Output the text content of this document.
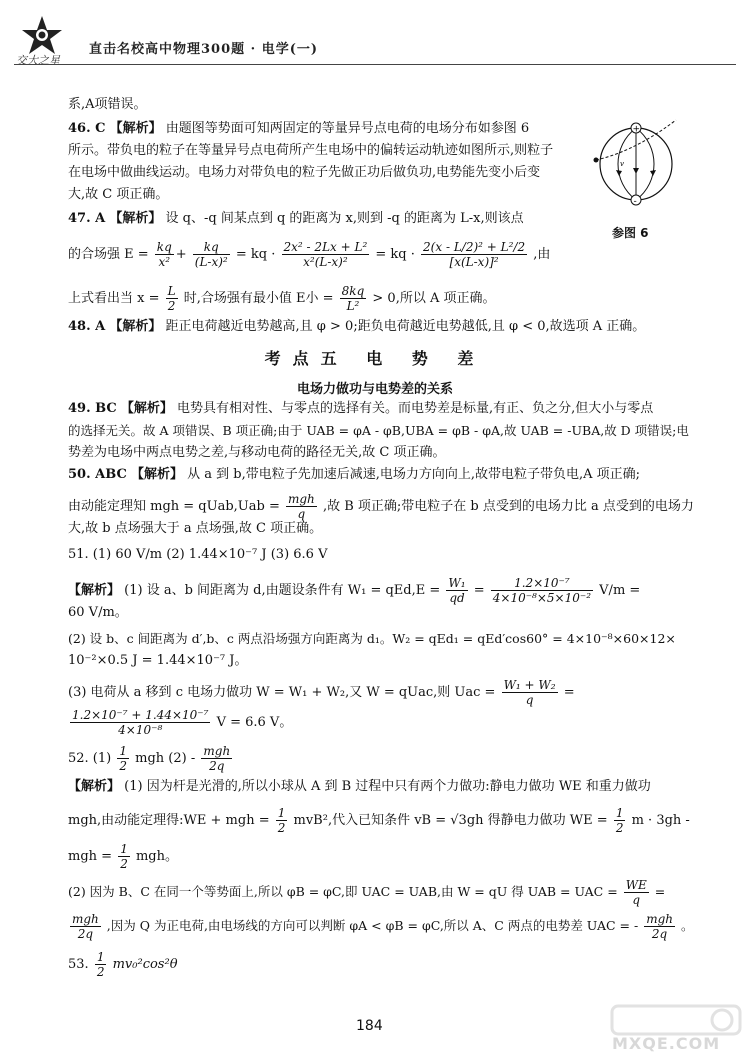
交大之星
直击名校高中物理300题 · 电学(一)
+
-
v
参图 6
系,A项错误。
46. C 【解析】 由题图等势面可知两固定的等量异号点电荷的电场分布如参图 6
所示。带负电的粒子在等量异号点电荷所产生电场中的偏转运动轨迹如图所示,则粒子
在电场中做曲线运动。电场力对带负电的粒子先做正功后做负功,电势能先变小后变
大,故 C 项正确。
47. A 【解析】 设 q、-q 间某点到 q 的距离为 x,则到 -q 的距离为 L-x,则该点
的合场强 $E = \frac{kq}{\text{x²}} + \frac{kq}{\text{(L-x)²}}$ = kq · $\frac{\text{2x² - 2Lx + L²}}{\text{x²(L-x)²}}$ = kq · $\frac{\text{2(x - L/2)² + L²/2}}{\text{[x(L-x)]²}}$ ,由
上式看出当 $x = \frac{L}{2}$ 时,合场强有最小值 E小 = $\frac{8kq}{\text{L²}} > 0$,所以 A 项正确。
48. A 【解析】 距正电荷越近电势越高,且 φ > 0;距负电荷越近电势越低,且 φ < 0,故选项 A 正确。
考点五 电 势 差
电场力做功与电势差的关系
49. BC 【解析】 电势具有相对性、与零点的选择有关。而电势差是标量,有正、负之分,但大小与零点
的选择无关。故 A 项错误、B 项正确;由于 UAB = φA - φB,UBA = φB - φA,故 UAB = -UBA,故 D 项错误;电
势差为电场中两点电势之差,与移动电荷的路径无关,故 C 项正确。
50. ABC 【解析】 从 a 到 b,带电粒子先加速后减速,电场力方向向上,故带电粒子带负电,A 项正确;
由动能定理知 mgh = qUab,Uab = $\frac{\text{mgh}}{q}$ ,故 B 项正确;带电粒子在 b 点受到的电场力比 a 点受到的电场力
大,故 b 点场强大于 a 点场强,故 C 项正确。
51. (1) 60 V/m (2) 1.44×10⁻⁷ J (3) 6.6 V
【解析】 (1) 设 a、b 间距离为 d,由题设条件有 $W_1 = qEd,E = \frac{\text{W₁}}{qd} = \frac{\text{1.2×10⁻⁷}}{\text{4×10⁻⁸×5×10⁻²}} V/m$ =
60 V/m。
(2) 设 b、c 间距离为 d′,b、c 两点沿场强方向距离为 d₁。W₂ = qEd₁ = qEd′cos60° = 4×10⁻⁸×60×12×
10⁻²×0.5 J = 1.44×10⁻⁷ J。
(3) 电荷从 a 移到 c 电场力做功 W = W₁ + W₂,又 W = qUac,则 Uac = $\frac{\text{W₁ + W₂}}{q}$ =
$\frac{\text{1.2×10⁻⁷ + 1.44×10⁻⁷}}{\text{4×10⁻⁸}}$ V = 6.6 V。
52. $(1) \frac{1}{2}$ mgh $(2) - \frac{\text{mgh}}{2q}$
【解析】 (1) 因为杆是光滑的,所以小球从 A 到 B 过程中只有两个力做功:静电力做功 WE 和重力做功
mgh,由动能定理得:WE + mgh = $\frac{1}{2} mvB^2$,代入已知条件 vB = √3gh 得静电力做功 WE = $\frac{1}{2}$ m · 3gh -
mgh = $\frac{1}{2}$ mgh。
(2) 因为 B、C 在同一个等势面上,所以 φB = φC,即 UAC = UAB,由 W = qU 得 UAB = UAC = $\frac{WE}{q}$ =
$\frac{\text{mgh}}{2q}$ ,因为 Q 为正电荷,由电场线的方向可以判断 φA < φB = φC,所以 A、C 两点的电势差 UAC = - $\frac{\text{mgh}}{2q}$ 。
53. $\frac{1}{2} mv_0^2\cos^2\theta$
184
MXQE.COM
